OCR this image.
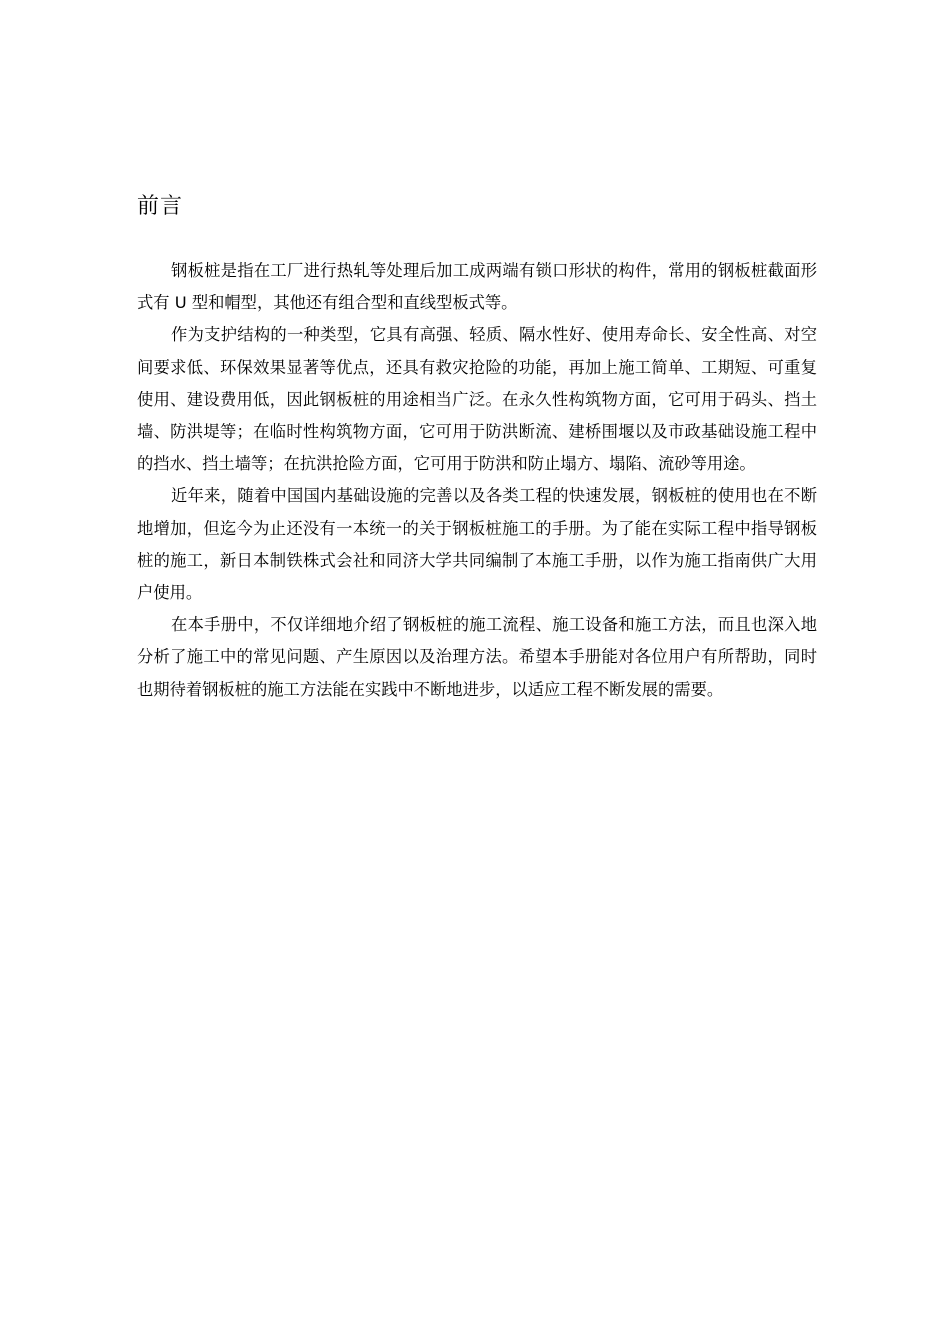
前言

钢板桩是指在工厂进行热轧等处理后加工成两端有锁口形状的构件，常用的钢板桩截面形式有 U 型和帽型，其他还有组合型和直线型板式等。

作为支护结构的一种类型，它具有高强、轻质、隔水性好、使用寿命长、安全性高、对空间要求低、环保效果显著等优点，还具有救灾抢险的功能，再加上施工简单、工期短、可重复使用、建设费用低，因此钢板桩的用途相当广泛。在永久性构筑物方面，它可用于码头、挡土墙、防洪堤等；在临时性构筑物方面，它可用于防洪断流、建桥围堰以及市政基础设施工程中的挡水、挡土墙等；在抗洪抢险方面，它可用于防洪和防止塌方、塌陷、流砂等用途。

近年来，随着中国国内基础设施的完善以及各类工程的快速发展，钢板桩的使用也在不断地增加，但迄今为止还没有一本统一的关于钢板桩施工的手册。为了能在实际工程中指导钢板桩的施工，新日本制铁株式会社和同济大学共同编制了本施工手册，以作为施工指南供广大用户使用。

在本手册中，不仅详细地介绍了钢板桩的施工流程、施工设备和施工方法，而且也深入地分析了施工中的常见问题、产生原因以及治理方法。希望本手册能对各位用户有所帮助，同时也期待着钢板桩的施工方法能在实践中不断地进步，以适应工程不断发展的需要。
